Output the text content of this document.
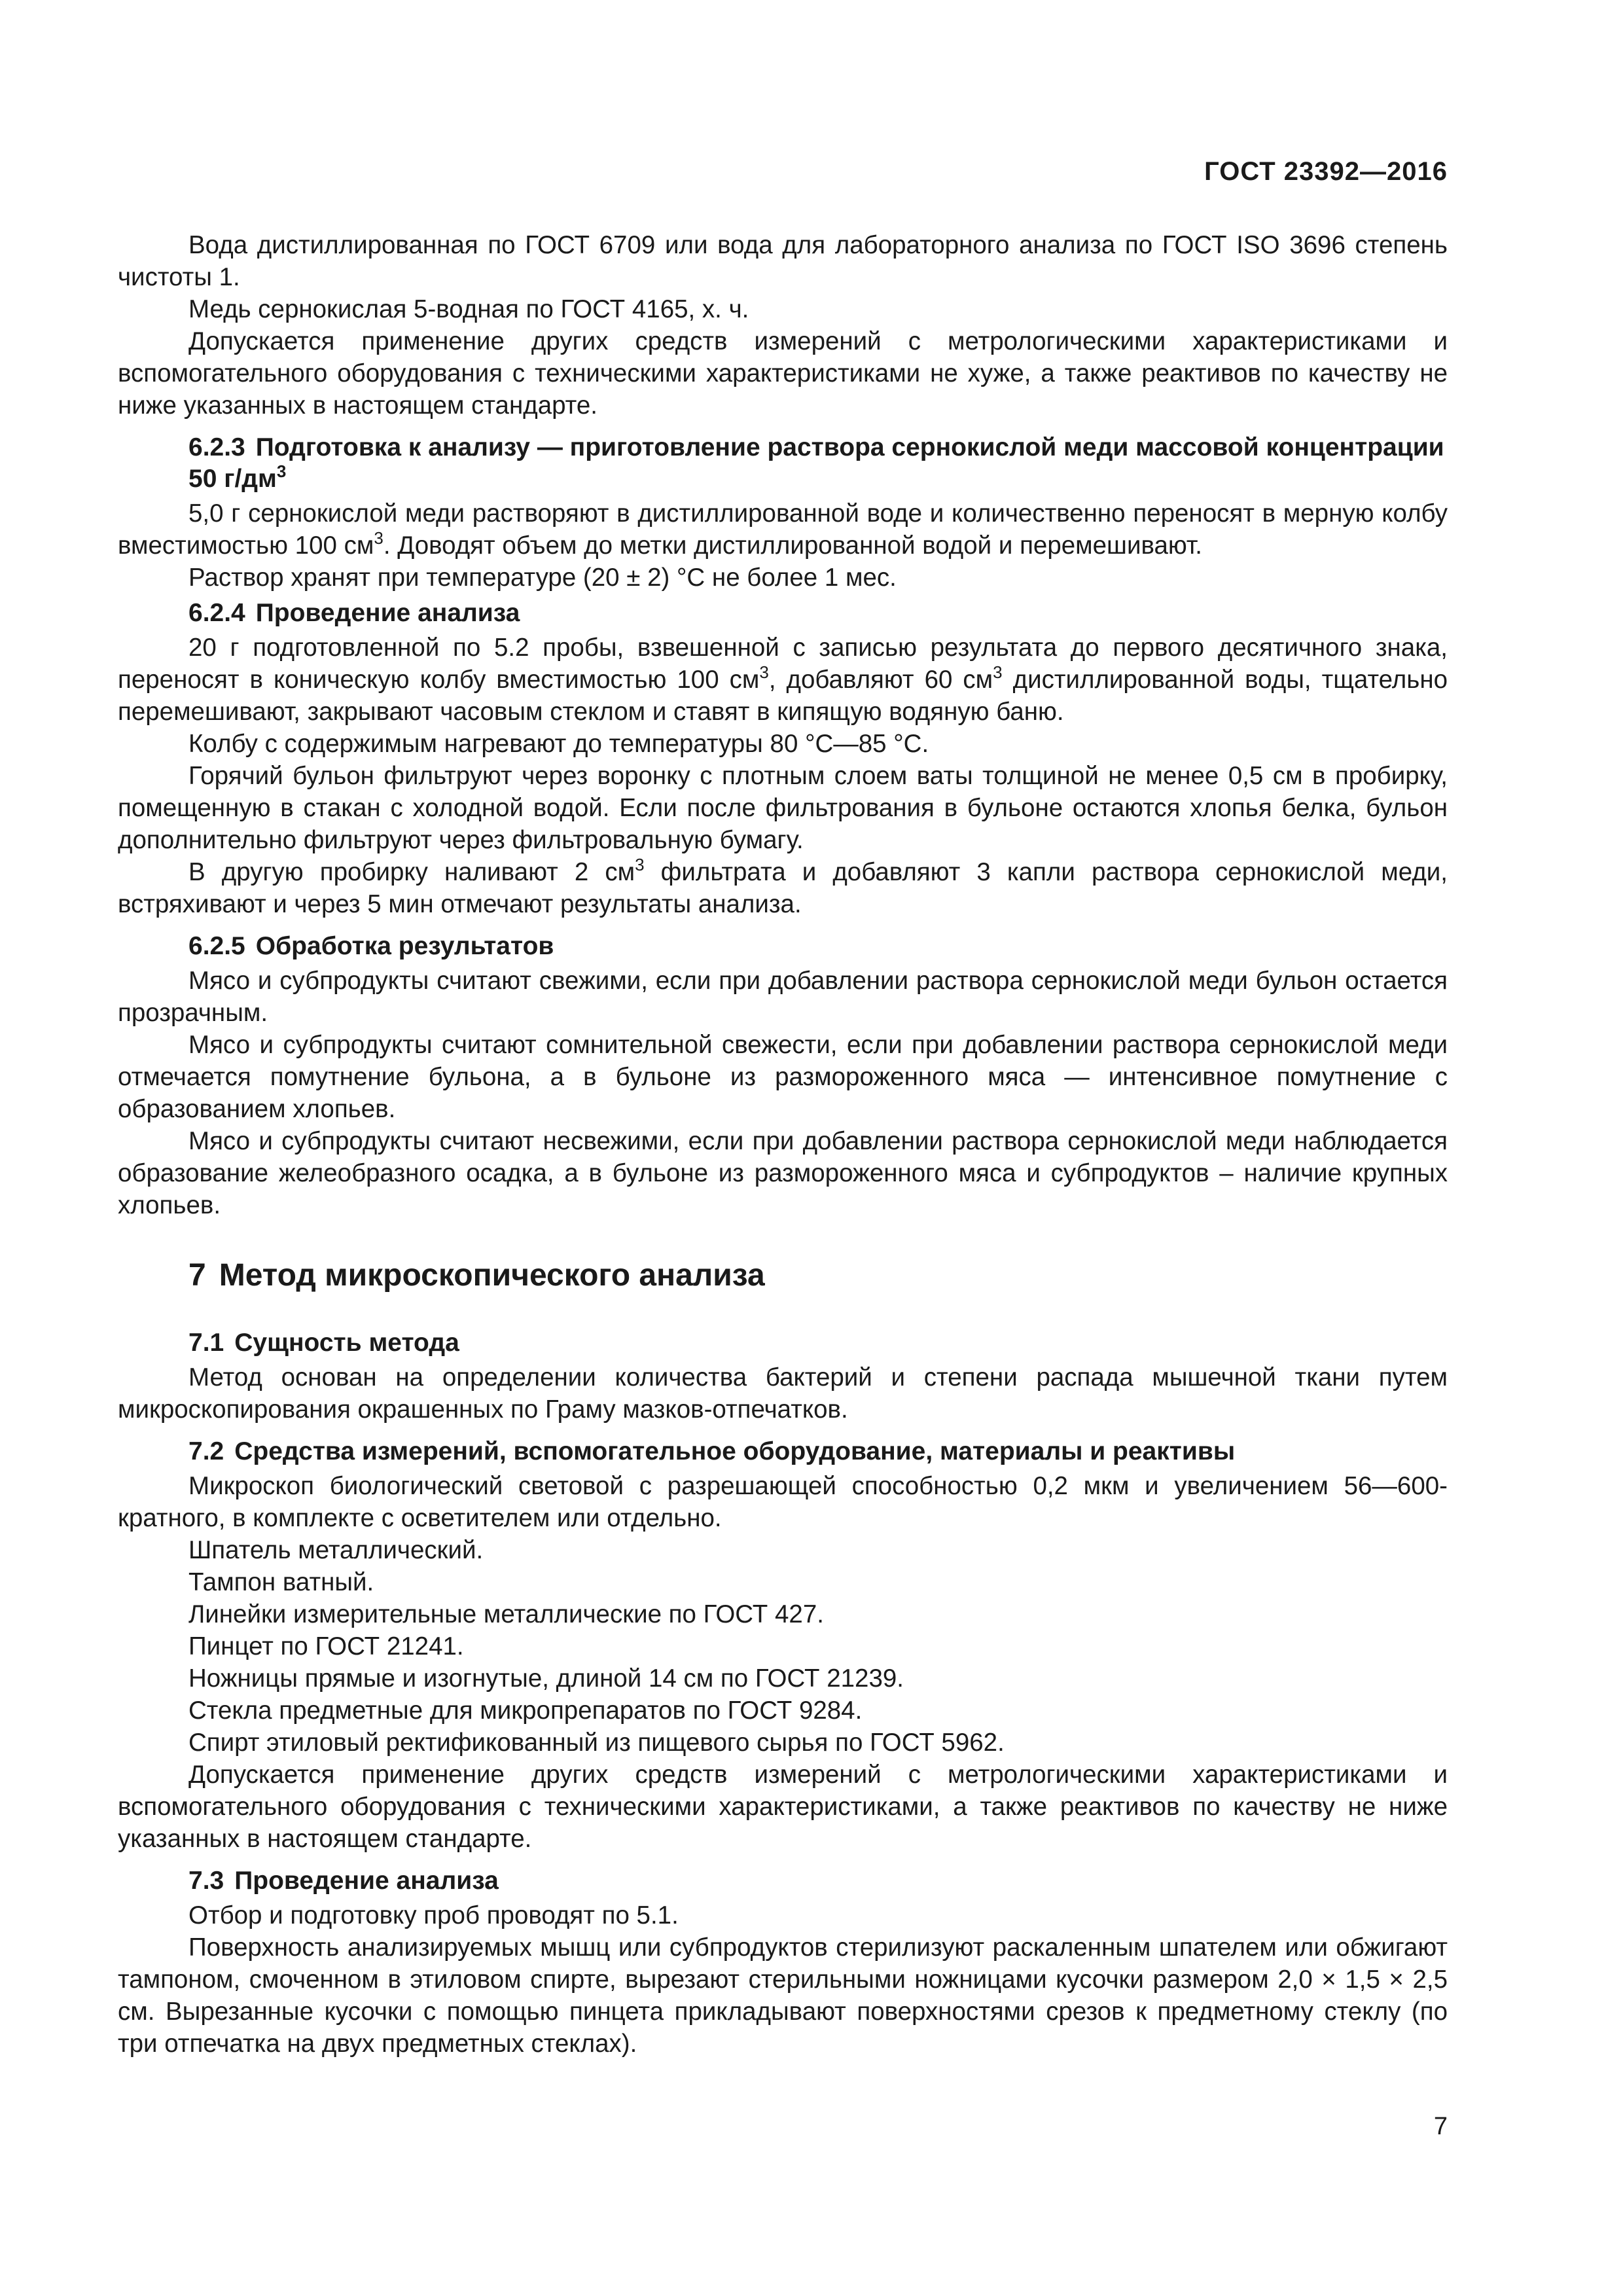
ГОСТ 23392—2016

Вода дистиллированная по ГОСТ 6709 или вода для лабораторного анализа по ГОСТ ISO 3696 степень чистоты 1.

Медь сернокислая 5-водная по ГОСТ 4165, х. ч.

Допускается применение других средств измерений с метрологическими характеристиками и вспомогательного оборудования с техническими характеристиками не хуже, а также реактивов по качеству не ниже указанных в настоящем стандарте.

6.2.3 Подготовка к анализу — приготовление раствора сернокислой меди массовой концентрации 50 $г/дм^3$

5,0 г сернокислой меди растворяют в дистиллированной воде и количественно переносят в мерную колбу вместимостью 100 $см^3$. Доводят объем до метки дистиллированной водой и перемешивают.

Раствор хранят при температуре (20 ± 2) °С не более 1 мес.

6.2.4 Проведение анализа

20 г подготовленной по 5.2 пробы, взвешенной с записью результата до первого десятичного знака, переносят в коническую колбу вместимостью 100 $см^3$, добавляют 60 $см^3$ дистиллированной воды, тщательно перемешивают, закрывают часовым стеклом и ставят в кипящую водяную баню.

Колбу с содержимым нагревают до температуры 80 °С—85 °С.

Горячий бульон фильтруют через воронку с плотным слоем ваты толщиной не менее 0,5 см в пробирку, помещенную в стакан с холодной водой. Если после фильтрования в бульоне остаются хлопья белка, бульон дополнительно фильтруют через фильтровальную бумагу.

В другую пробирку наливают 2 $см^3$ фильтрата и добавляют 3 капли раствора сернокислой меди, встряхивают и через 5 мин отмечают результаты анализа.

6.2.5 Обработка результатов

Мясо и субпродукты считают свежими, если при добавлении раствора сернокислой меди бульон остается прозрачным.

Мясо и субпродукты считают сомнительной свежести, если при добавлении раствора сернокислой меди отмечается помутнение бульона, а в бульоне из размороженного мяса — интенсивное помутнение с образованием хлопьев.

Мясо и субпродукты считают несвежими, если при добавлении раствора сернокислой меди наблюдается образование желеобразного осадка, а в бульоне из размороженного мяса и субпродуктов – наличие крупных хлопьев.

7 Метод микроскопического анализа
7.1 Сущность метода

Метод основан на определении количества бактерий и степени распада мышечной ткани путем микроскопирования окрашенных по Граму мазков-отпечатков.

7.2 Средства измерений, вспомогательное оборудование, материалы и реактивы

Микроскоп биологический световой с разрешающей способностью 0,2 мкм и увеличением 56—600-кратного, в комплекте с осветителем или отдельно.

Шпатель металлический.

Тампон ватный.

Линейки измерительные металлические по ГОСТ 427.

Пинцет по ГОСТ 21241.

Ножницы прямые и изогнутые, длиной 14 см по ГОСТ 21239.

Стекла предметные для микропрепаратов по ГОСТ 9284.

Спирт этиловый ректификованный из пищевого сырья по ГОСТ 5962.

Допускается применение других средств измерений с метрологическими характеристиками и вспомогательного оборудования с техническими характеристиками, а также реактивов по качеству не ниже указанных в настоящем стандарте.

7.3 Проведение анализа

Отбор и подготовку проб проводят по 5.1.

Поверхность анализируемых мышц или субпродуктов стерилизуют раскаленным шпателем или обжигают тампоном, смоченном в этиловом спирте, вырезают стерильными ножницами кусочки размером 2,0 × 1,5 × 2,5 см. Вырезанные кусочки с помощью пинцета прикладывают поверхностями срезов к предметному стеклу (по три отпечатка на двух предметных стеклах).

7
